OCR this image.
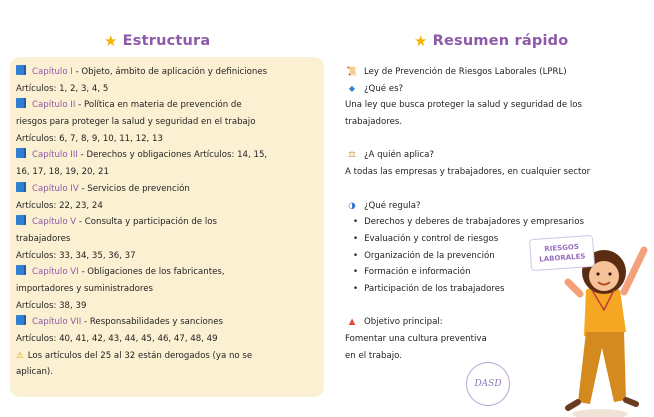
★ Estructura	★ Resumen rápido
Capítulo I - Objeto, ámbito de aplicación y definiciones
Artículos: 1, 2, 3, 4, 5
Capítulo II - Política en materia de prevención de
riesgos para proteger la salud y seguridad en el trabajo
Artículos: 6, 7, 8, 9, 10, 11, 12, 13
Capítulo III - Derechos y obligaciones Artículos: 14, 15,
16, 17, 18, 19, 20, 21
Capítulo IV - Servicios de prevención
Artículos: 22, 23, 24
Capítulo V - Consulta y participación de los
trabajadores
Artículos: 33, 34, 35, 36, 37
Capítulo VI - Obligaciones de los fabricantes,
importadores y suministradores
Artículos: 38, 39
Capítulo VII - Responsabilidades y sanciones
Artículos: 40, 41, 42, 43, 44, 45, 46, 47, 48, 49
⚠ Los artículos del 25 al 32 están derogados (ya no se
aplican).
📜 Ley de Prevención de Riesgos Laborales (LPRL)
◆ ¿Qué es?
Una ley que busca proteger la salud y seguridad de los
trabajadores.
⚖ ¿A quién aplica?
A todas las empresas y trabajadores, en cualquier sector
◑ ¿Qué regula?
• Derechos y deberes de trabajadores y empresarios
• Evaluación y control de riesgos
• Organización de la prevención
• Formación e información
• Participación de los trabajadores
▲ Objetivo principal:
Fomentar una cultura preventiva
en el trabajo.
RIESGOS LABORALES
DASD
